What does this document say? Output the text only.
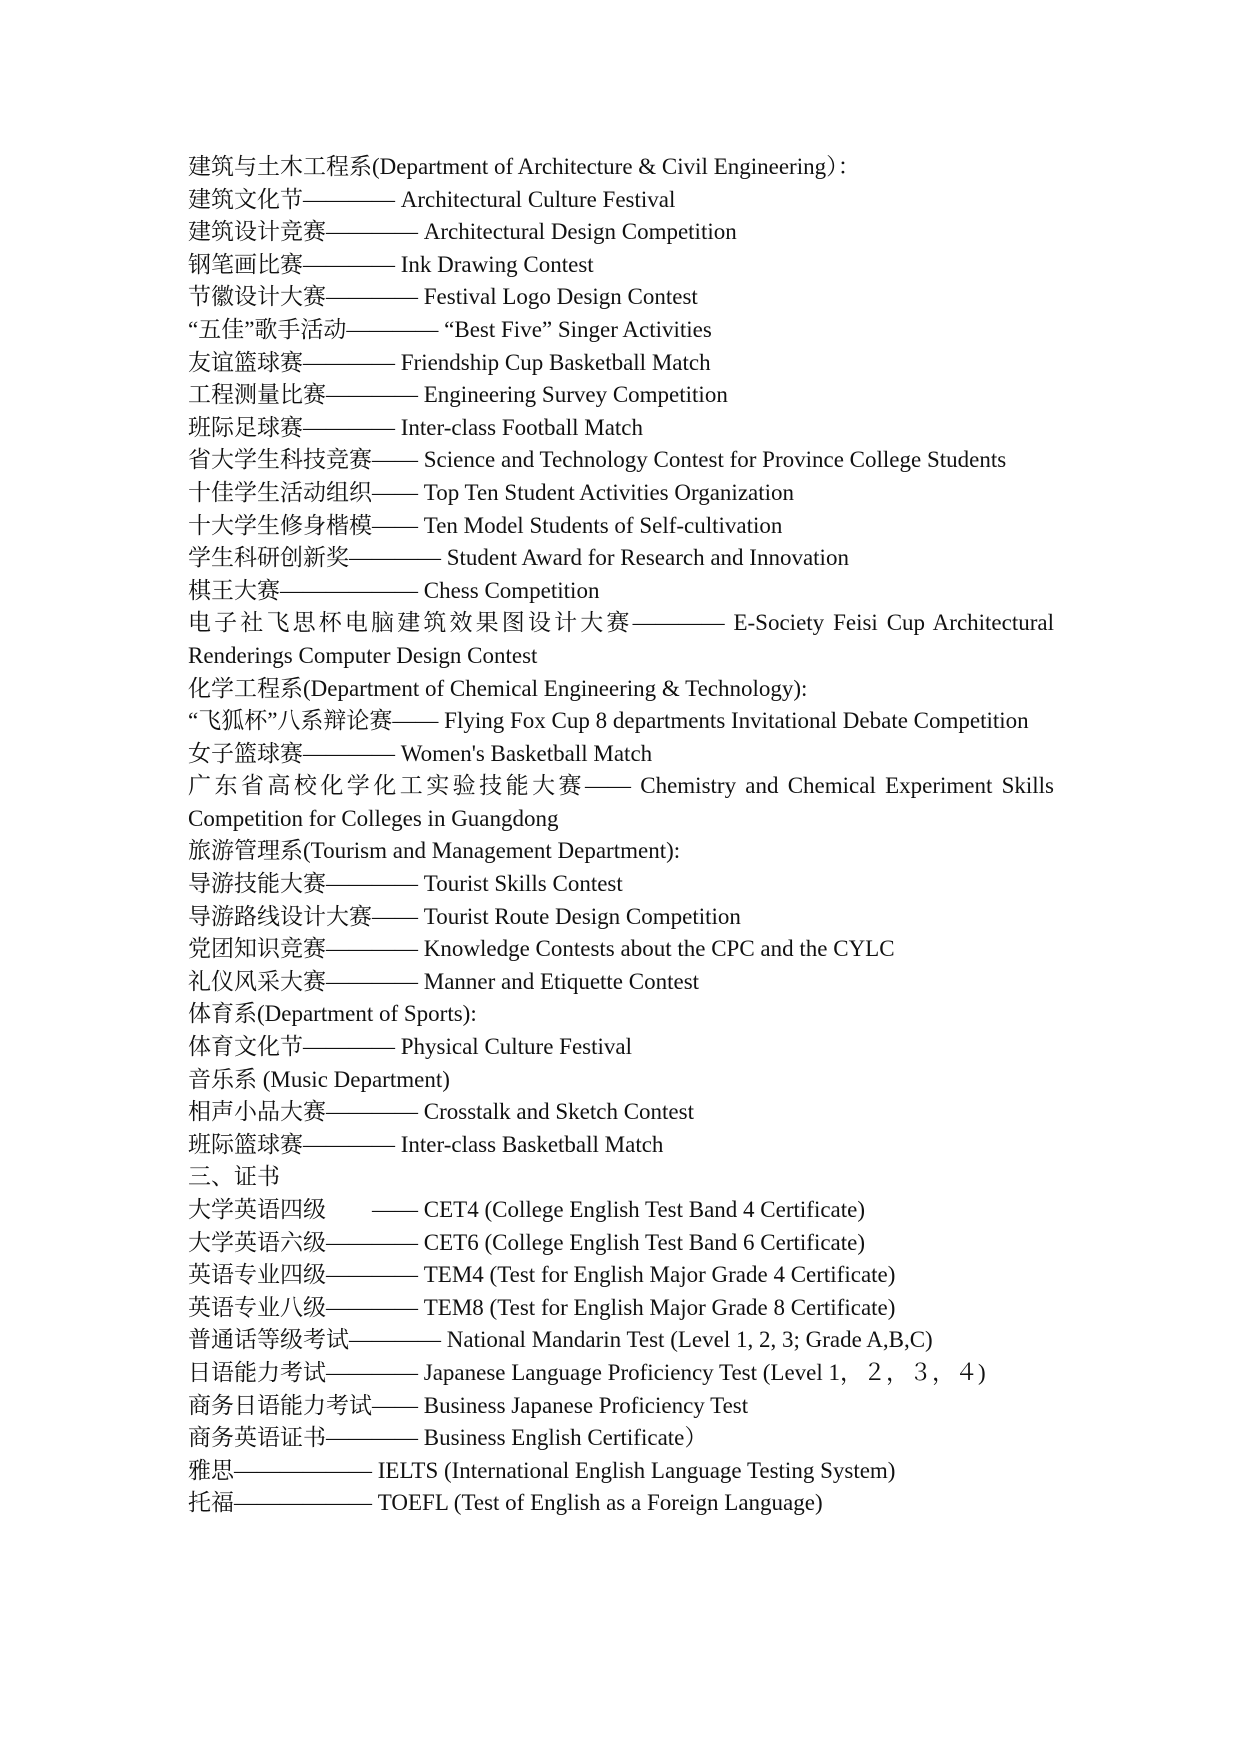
建筑与土木工程系(Department of Architecture & Civil Engineering）：
建筑文化节———— Architectural Culture Festival
建筑设计竞赛———— Architectural Design Competition
钢笔画比赛———— Ink Drawing Contest
节徽设计大赛———— Festival Logo Design Contest
“五佳”歌手活动———— “Best Five” Singer Activities
友谊篮球赛———— Friendship Cup Basketball Match
工程测量比赛———— Engineering Survey Competition
班际足球赛———— Inter-class Football Match
省大学生科技竞赛—— Science and Technology Contest for Province College Students
十佳学生活动组织—— Top Ten Student Activities Organization
十大学生修身楷模—— Ten Model Students of Self-cultivation
学生科研创新奖———— Student Award for Research and Innovation
棋王大赛—————— Chess Competition
电子社飞思杯电脑建筑效果图设计大赛———— E-Society Feisi Cup Architectural Renderings Computer Design Contest
化学工程系(Department of Chemical Engineering & Technology):
“飞狐杯”八系辩论赛—— Flying Fox Cup 8 departments Invitational Debate Competition
女子篮球赛———— Women's Basketball Match
广东省高校化学化工实验技能大赛—— Chemistry and Chemical Experiment Skills Competition for Colleges in Guangdong
旅游管理系(Tourism and Management Department):
导游技能大赛———— Tourist Skills Contest
导游路线设计大赛—— Tourist Route Design Competition
党团知识竞赛———— Knowledge Contests about the CPC and the CYLC
礼仪风采大赛———— Manner and Etiquette Contest
体育系(Department of Sports):
体育文化节———— Physical Culture Festival
音乐系 (Music Department)
相声小品大赛———— Crosstalk and Sketch Contest
班际篮球赛———— Inter-class Basketball Match
三、证书
大学英语四级        —— CET4 (College English Test Band 4 Certificate)
大学英语六级———— CET6 (College English Test Band 6 Certificate)
英语专业四级———— TEM4 (Test for English Major Grade 4 Certificate)
英语专业八级———— TEM8 (Test for English Major Grade 8 Certificate)
普通话等级考试———— National Mandarin Test (Level 1, 2, 3; Grade A,B,C)
日语能力考试———— Japanese Language Proficiency Test (Level 1，２，３，４)
商务日语能力考试—— Business Japanese Proficiency Test
商务英语证书———— Business English Certificate）
雅思—————— IELTS (International English Language Testing System)
托福—————— TOEFL (Test of English as a Foreign Language)
